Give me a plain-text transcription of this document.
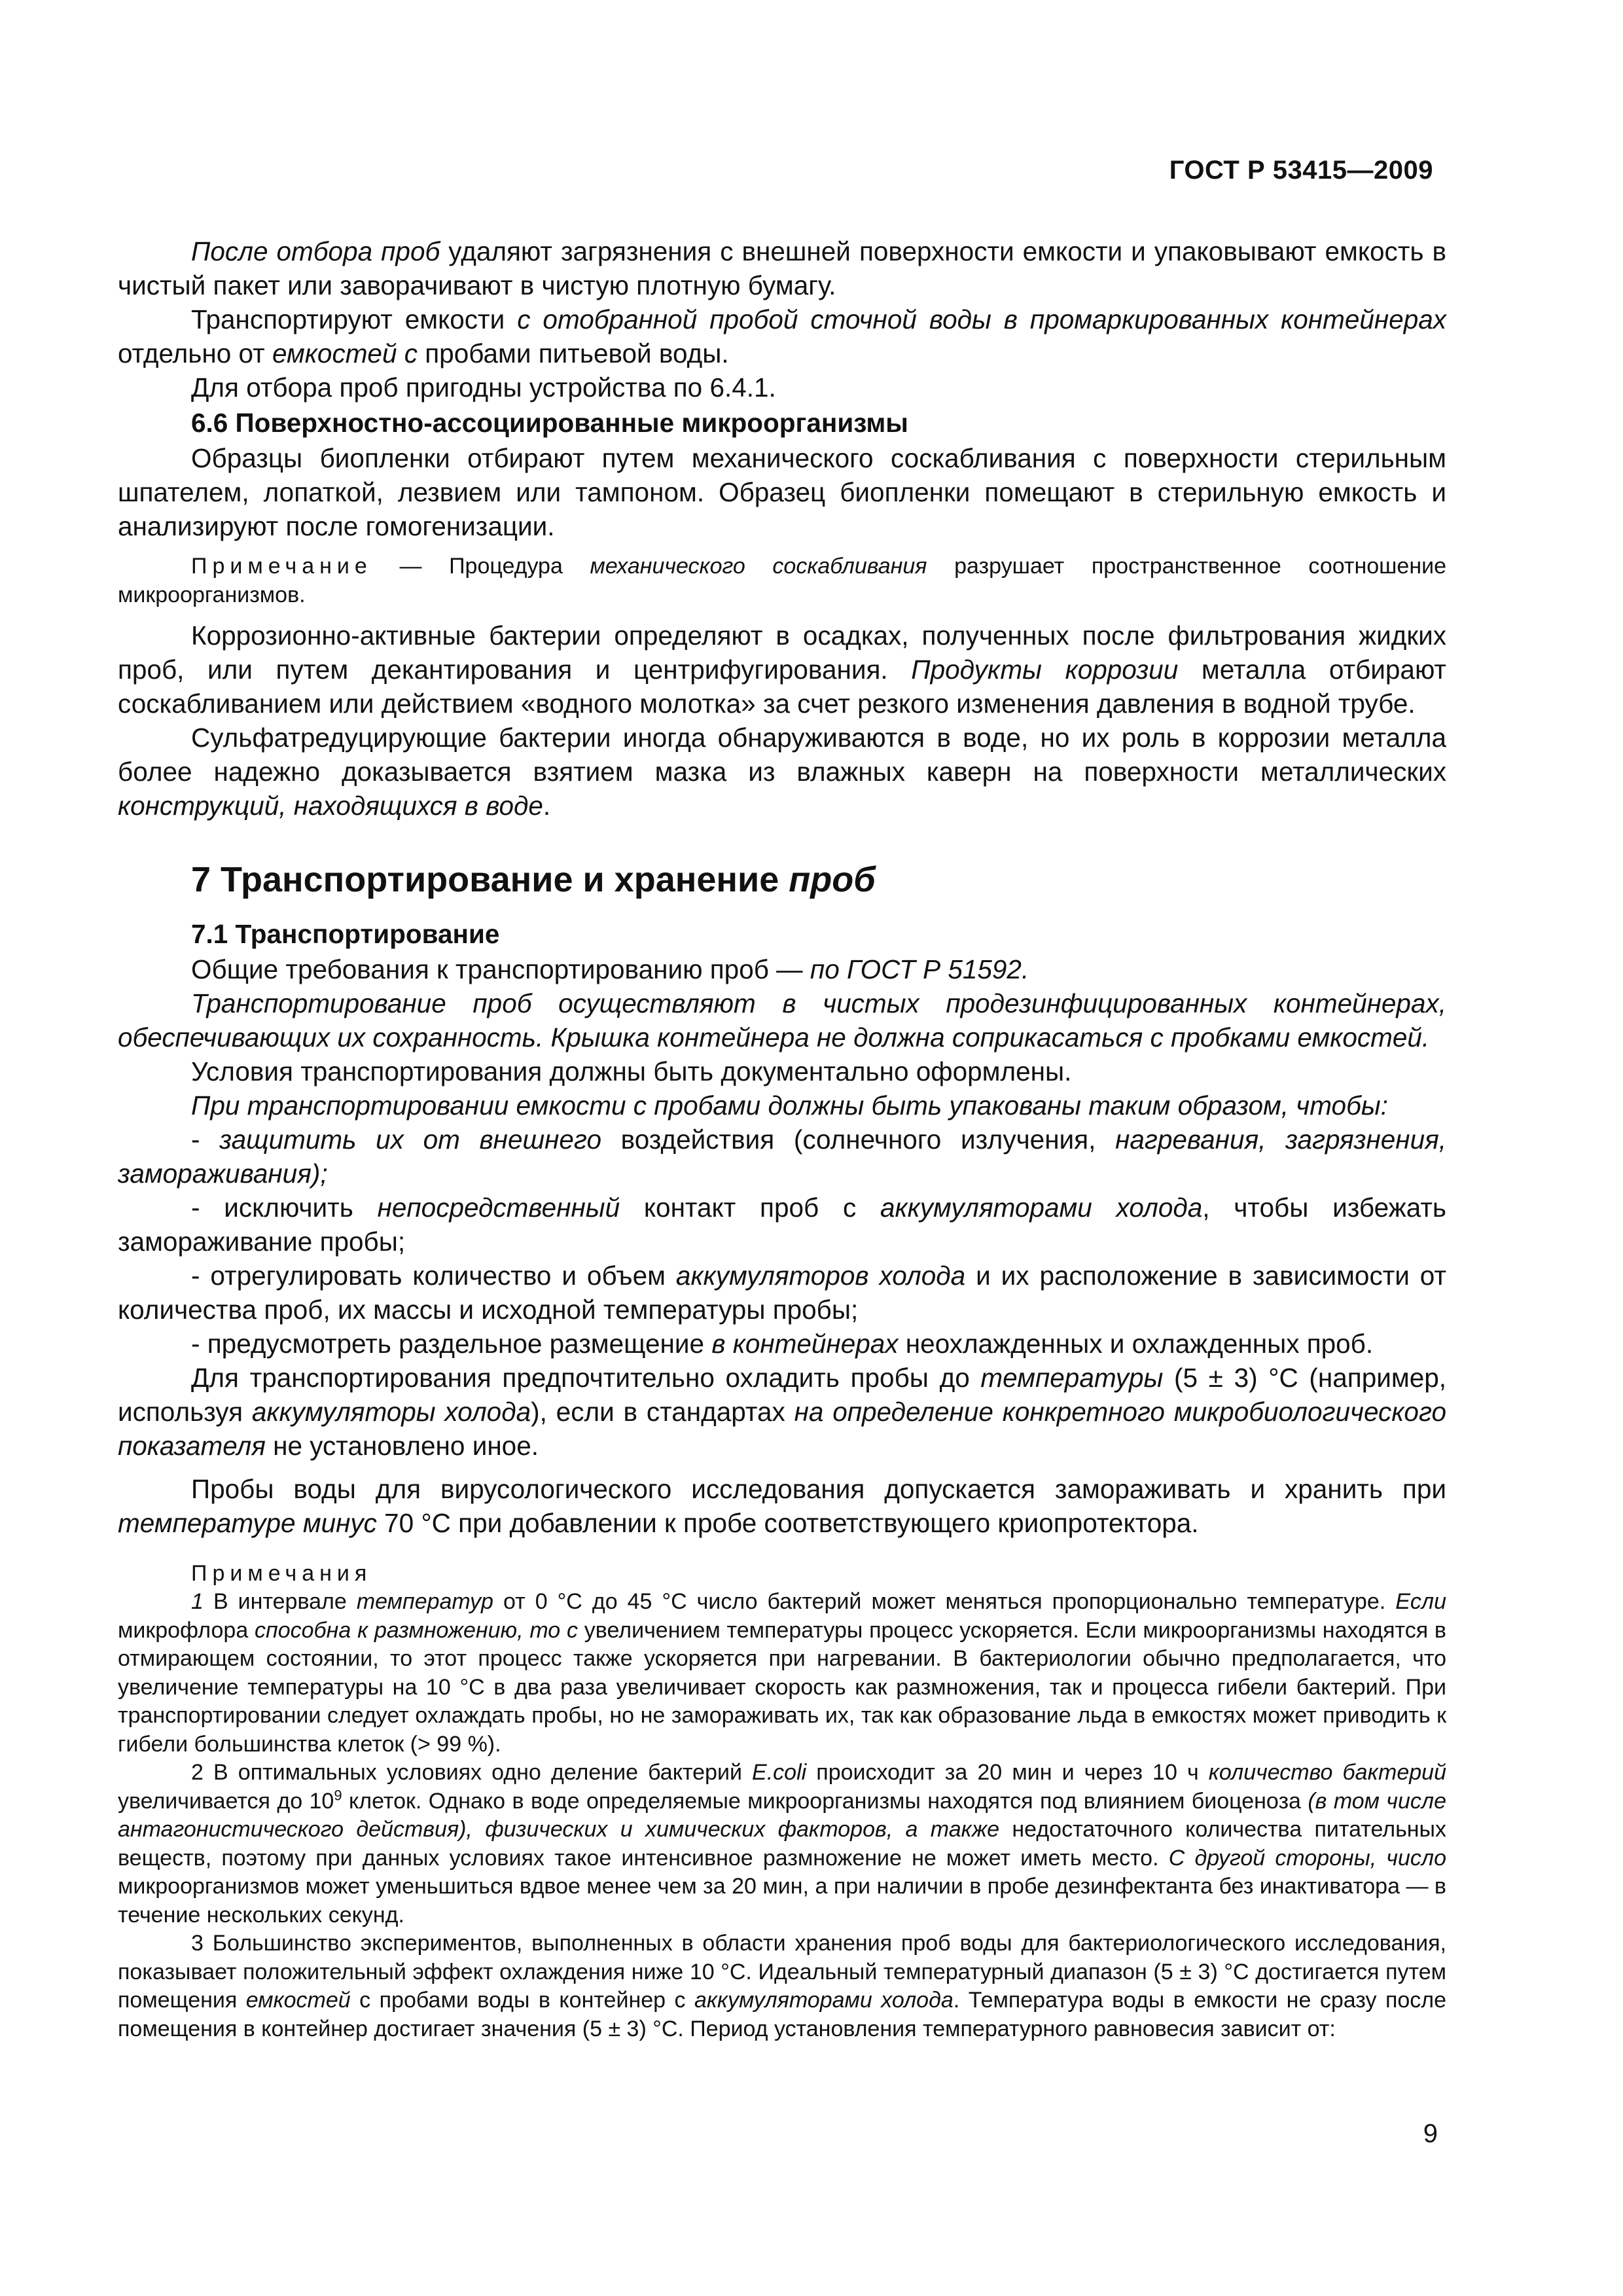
ГОСТ Р 53415—2009

После отбора проб удаляют загрязнения с внешней поверхности емкости и упаковывают емкость в чистый пакет или заворачивают в чистую плотную бумагу.

Транспортируют емкости с отобранной пробой сточной воды в промаркированных контейнерах отдельно от емкостей с пробами питьевой воды.

Для отбора проб пригодны устройства по 6.4.1.

6.6 Поверхностно-ассоциированные микроорганизмы

Образцы биопленки отбирают путем механического соскабливания с поверхности стерильным шпателем, лопаткой, лезвием или тампоном. Образец биопленки помещают в стерильную емкость и анализируют после гомогенизации.

Примечание — Процедура механического соскабливания разрушает пространственное соотношение микроорганизмов.

Коррозионно-активные бактерии определяют в осадках, полученных после фильтрования жидких проб, или путем декантирования и центрифугирования. Продукты коррозии металла отбирают соскабливанием или действием «водного молотка» за счет резкого изменения давления в водной трубе.

Сульфатредуцирующие бактерии иногда обнаруживаются в воде, но их роль в коррозии металла более надежно доказывается взятием мазка из влажных каверн на поверхности металлических конструкций, находящихся в воде.

7 Транспортирование и хранение проб
7.1 Транспортирование

Общие требования к транспортированию проб — по ГОСТ Р 51592.

Транспортирование проб осуществляют в чистых продезинфицированных контейнерах, обеспечивающих их сохранность. Крышка контейнера не должна соприкасаться с пробками емкостей.

Условия транспортирования должны быть документально оформлены.

При транспортировании емкости с пробами должны быть упакованы таким образом, чтобы:

- защитить их от внешнего воздействия (солнечного излучения, нагревания, загрязнения, замораживания);

- исключить непосредственный контакт проб с аккумуляторами холода, чтобы избежать замораживание пробы;

- отрегулировать количество и объем аккумуляторов холода и их расположение в зависимости от количества проб, их массы и исходной температуры пробы;

- предусмотреть раздельное размещение в контейнерах неохлажденных и охлажденных проб.

Для транспортирования предпочтительно охладить пробы до температуры (5 ± 3) °С (например, используя аккумуляторы холода), если в стандартах на определение конкретного микробиологического показателя не установлено иное.

Пробы воды для вирусологического исследования допускается замораживать и хранить при температуре минус 70 °С при добавлении к пробе соответствующего криопротектора.

Примечания

1 В интервале температур от 0 °С до 45 °С число бактерий может меняться пропорционально температуре. Если микрофлора способна к размножению, то с увеличением температуры процесс ускоряется. Если микроорганизмы находятся в отмирающем состоянии, то этот процесс также ускоряется при нагревании. В бактериологии обычно предполагается, что увеличение температуры на 10 °С в два раза увеличивает скорость как размножения, так и процесса гибели бактерий. При транспортировании следует охлаждать пробы, но не замораживать их, так как образование льда в емкостях может приводить к гибели большинства клеток (> 99 %).

2 В оптимальных условиях одно деление бактерий E.coli происходит за 20 мин и через 10 ч количество бактерий увеличивается до $10^9$ клеток. Однако в воде определяемые микроорганизмы находятся под влиянием биоценоза (в том числе антагонистического действия), физических и химических факторов, а также недостаточного количества питательных веществ, поэтому при данных условиях такое интенсивное размножение не может иметь место. С другой стороны, число микроорганизмов может уменьшиться вдвое менее чем за 20 мин, а при наличии в пробе дезинфектанта без инактиватора — в течение нескольких секунд.

3 Большинство экспериментов, выполненных в области хранения проб воды для бактериологического исследования, показывает положительный эффект охлаждения ниже 10 °С. Идеальный температурный диапазон (5 ± 3) °С достигается путем помещения емкостей с пробами воды в контейнер с аккумуляторами холода. Температура воды в емкости не сразу после помещения в контейнер достигает значения (5 ± 3) °С. Период установления температурного равновесия зависит от:

9
